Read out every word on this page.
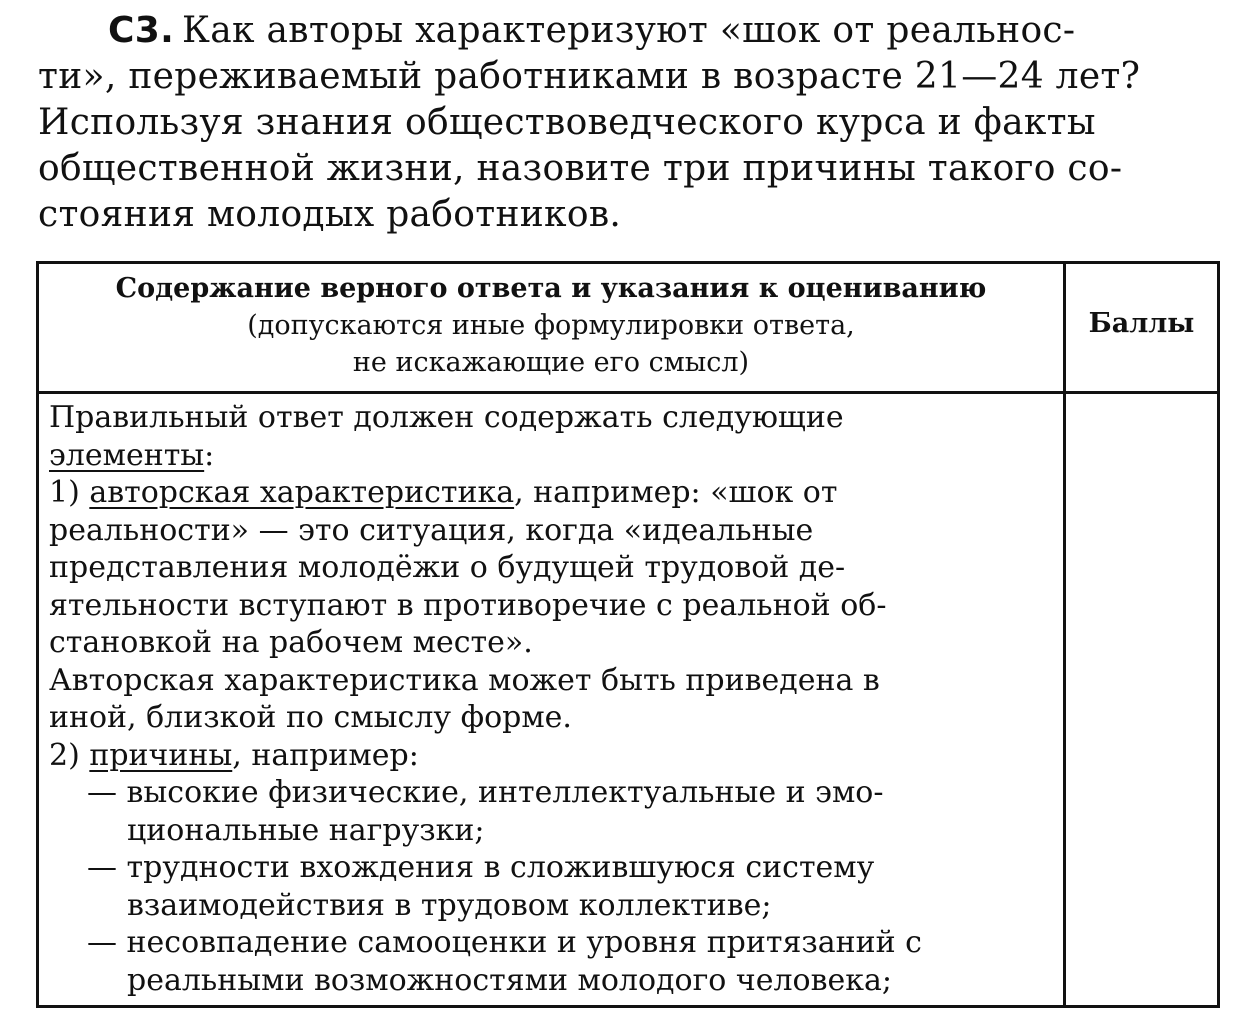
С3. Как авторы характеризуют «шок от реальнос-
ти», переживаемый работниками в возрасте 21—24 лет?
Используя знания обществоведческого курса и факты
общественной жизни, назовите три причины такого со-
стояния молодых работников.
Содержание верного ответа и указания к оцениванию
(допускаются иные формулировки ответа,
не искажающие его смысл)
Баллы
Правильный ответ должен содержать следующие
элементы:
1) авторская характеристика, например: «шок от
реальности» — это ситуация, когда «идеальные
представления молодёжи о будущей трудовой де-
ятельности вступают в противоречие с реальной об-
становкой на рабочем месте».
Авторская характеристика может быть приведена в
иной, близкой по смыслу форме.
2) причины, например:
— высокие физические, интеллектуальные и эмо-
циональные нагрузки;
— трудности вхождения в сложившуюся систему
взаимодействия в трудовом коллективе;
— несовпадение самооценки и уровня притязаний с
реальными возможностями молодого человека;
